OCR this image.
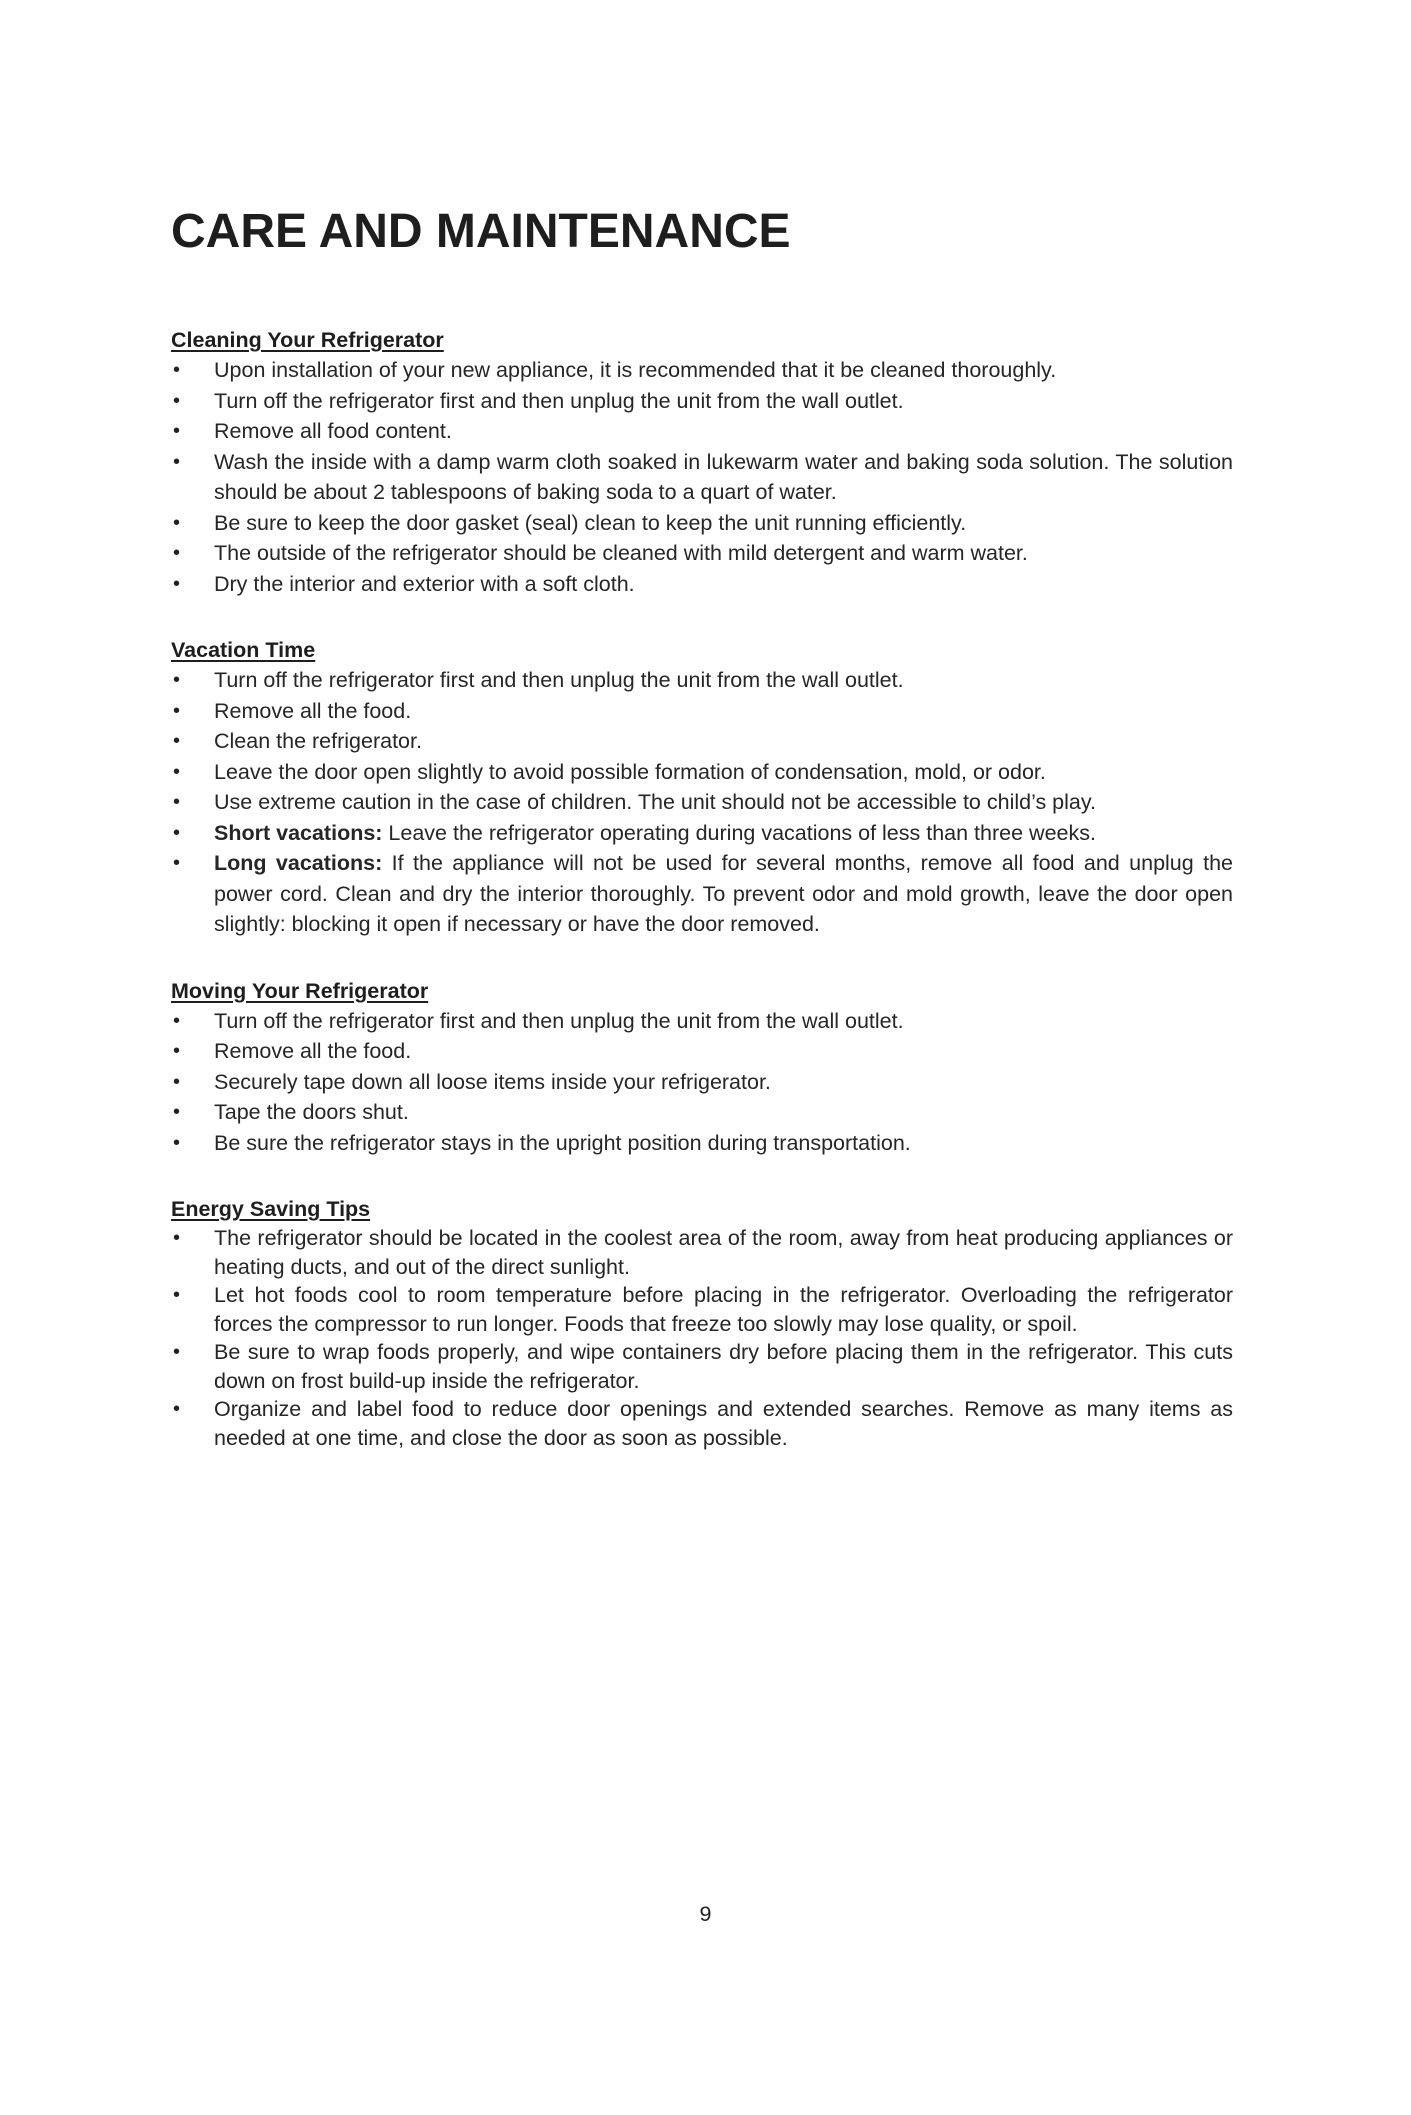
CARE AND MAINTENANCE
Cleaning Your Refrigerator
•	Upon installation of your new appliance, it is recommended that it be cleaned thoroughly.
•	Turn off the refrigerator first and then unplug the unit from the wall outlet.
•	Remove all food content.
•	Wash the inside with a damp warm cloth soaked in lukewarm water and baking soda solution. The solution should be about 2 tablespoons of baking soda to a quart of water.
•	Be sure to keep the door gasket (seal) clean to keep the unit running efficiently.
•	The outside of the refrigerator should be cleaned with mild detergent and warm water.
•	Dry the interior and exterior with a soft cloth.
Vacation Time
•	Turn off the refrigerator first and then unplug the unit from the wall outlet.
•	Remove all the food.
•	Clean the refrigerator.
•	Leave the door open slightly to avoid possible formation of condensation, mold, or odor.
•	Use extreme caution in the case of children. The unit should not be accessible to child’s play.
•	Short vacations: Leave the refrigerator operating during vacations of less than three weeks.
•	Long vacations: If the appliance will not be used for several months, remove all food and unplug the power cord. Clean and dry the interior thoroughly. To prevent odor and mold growth, leave the door open slightly: blocking it open if necessary or have the door removed.
Moving Your Refrigerator
•	Turn off the refrigerator first and then unplug the unit from the wall outlet.
•	Remove all the food.
•	Securely tape down all loose items inside your refrigerator.
•	Tape the doors shut.
•	Be sure the refrigerator stays in the upright position during transportation.
Energy Saving Tips
•	The refrigerator should be located in the coolest area of the room, away from heat producing appliances or heating ducts, and out of the direct sunlight.
•	Let hot foods cool to room temperature before placing in the refrigerator. Overloading the refrigerator forces the compressor to run longer. Foods that freeze too slowly may lose quality, or spoil.
•	Be sure to wrap foods properly, and wipe containers dry before placing them in the refrigerator. This cuts down on frost build-up inside the refrigerator.
•	Organize and label food to reduce door openings and extended searches. Remove as many items as needed at one time, and close the door as soon as possible.
9
